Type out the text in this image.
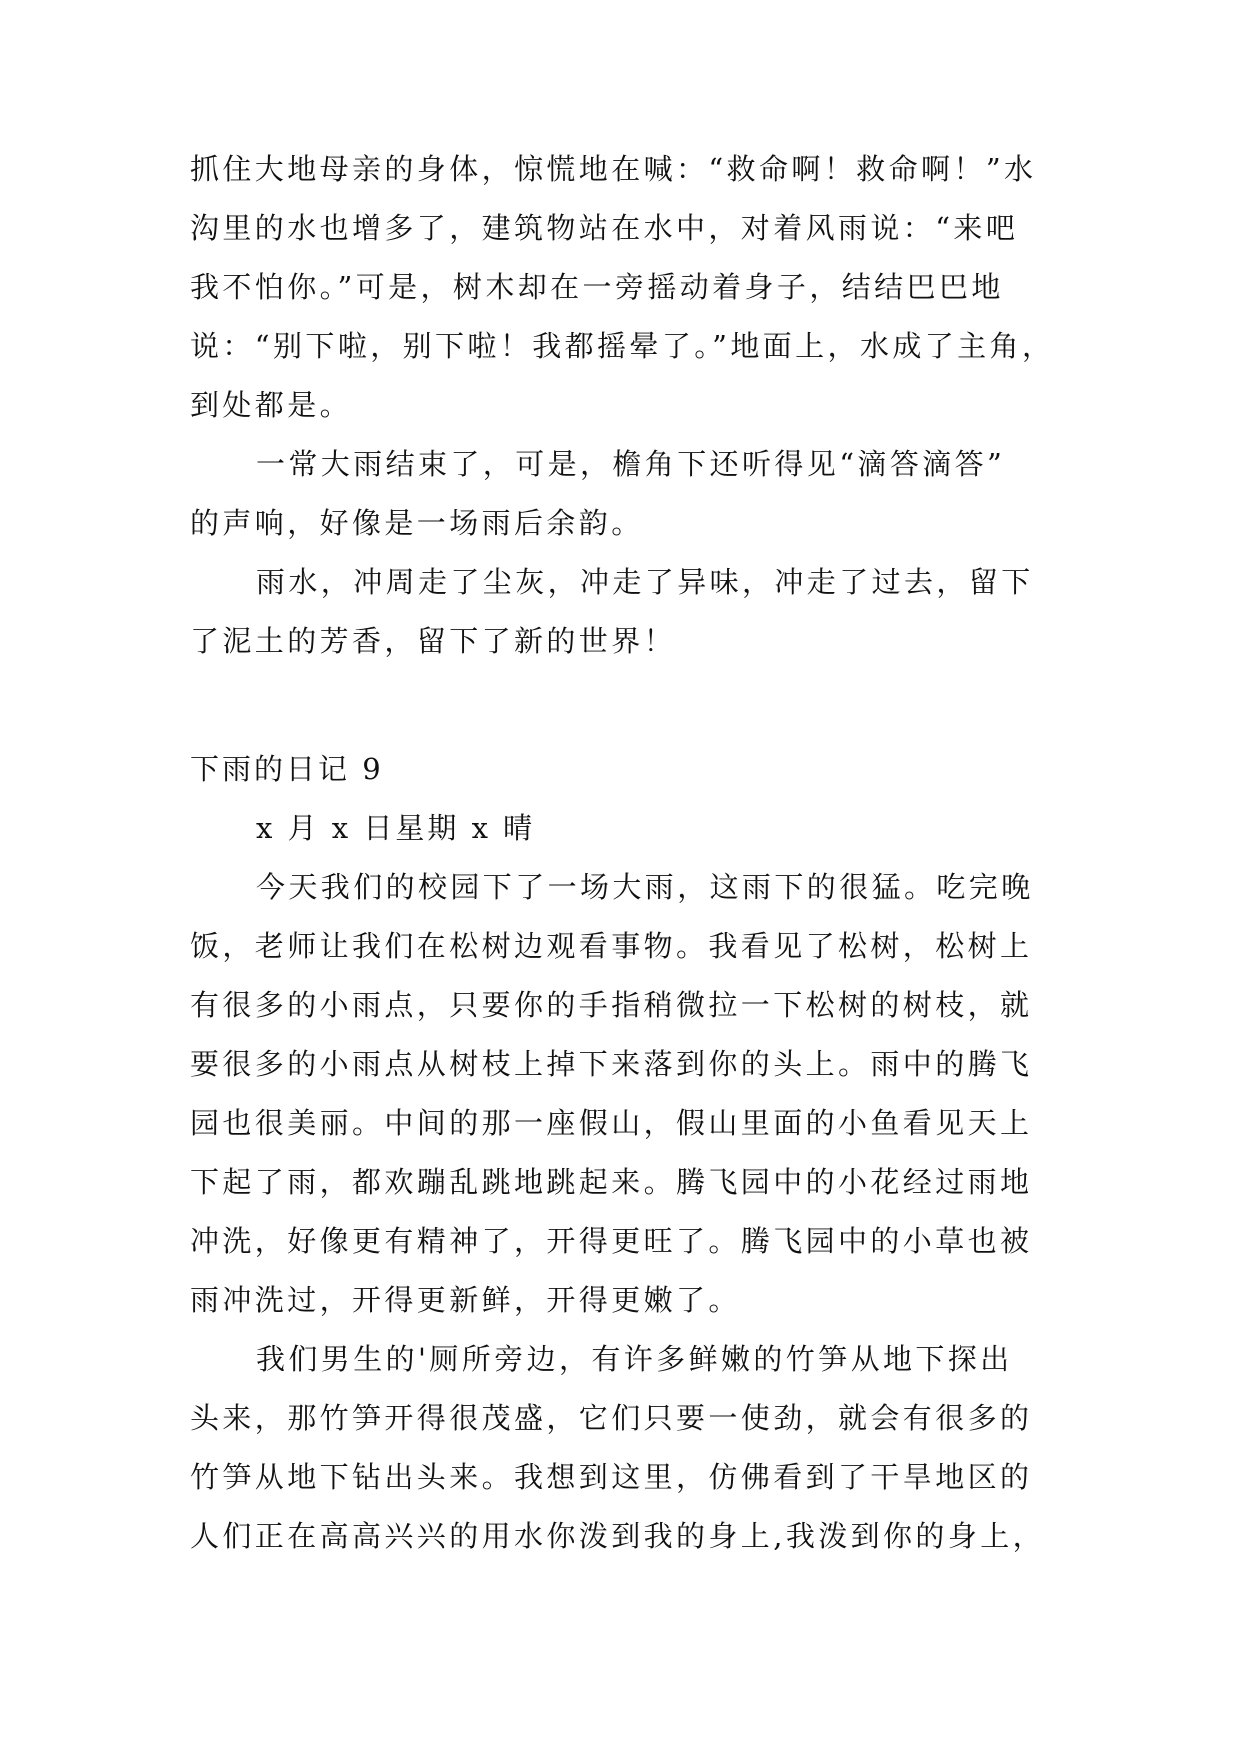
抓住大地母亲的身体，惊慌地在喊：“救命啊！救命啊！”水
沟里的水也增多了，建筑物站在水中，对着风雨说：“来吧
我不怕你。”可是，树木却在一旁摇动着身子，结结巴巴地
说：“别下啦，别下啦！我都摇晕了。”地面上，水成了主角，
到处都是。
一常大雨结束了，可是，檐角下还听得见“滴答滴答”
的声响，好像是一场雨后余韵。
雨水，冲周走了尘灰，冲走了异味，冲走了过去，留下
了泥土的芳香，留下了新的世界！
下雨的日记 9
x 月 x 日星期 x 晴
今天我们的校园下了一场大雨，这雨下的很猛。吃完晚
饭，老师让我们在松树边观看事物。我看见了松树，松树上
有很多的小雨点，只要你的手指稍微拉一下松树的树枝，就
要很多的小雨点从树枝上掉下来落到你的头上。雨中的腾飞
园也很美丽。中间的那一座假山，假山里面的小鱼看见天上
下起了雨，都欢蹦乱跳地跳起来。腾飞园中的小花经过雨地
冲洗，好像更有精神了，开得更旺了。腾飞园中的小草也被
雨冲洗过，开得更新鲜，开得更嫩了。
我们男生的'厕所旁边，有许多鲜嫩的竹笋从地下探出
头来，那竹笋开得很茂盛，它们只要一使劲，就会有很多的
竹笋从地下钻出头来。我想到这里，仿佛看到了干旱地区的
人们正在高高兴兴的用水你泼到我的身上,我泼到你的身上，
